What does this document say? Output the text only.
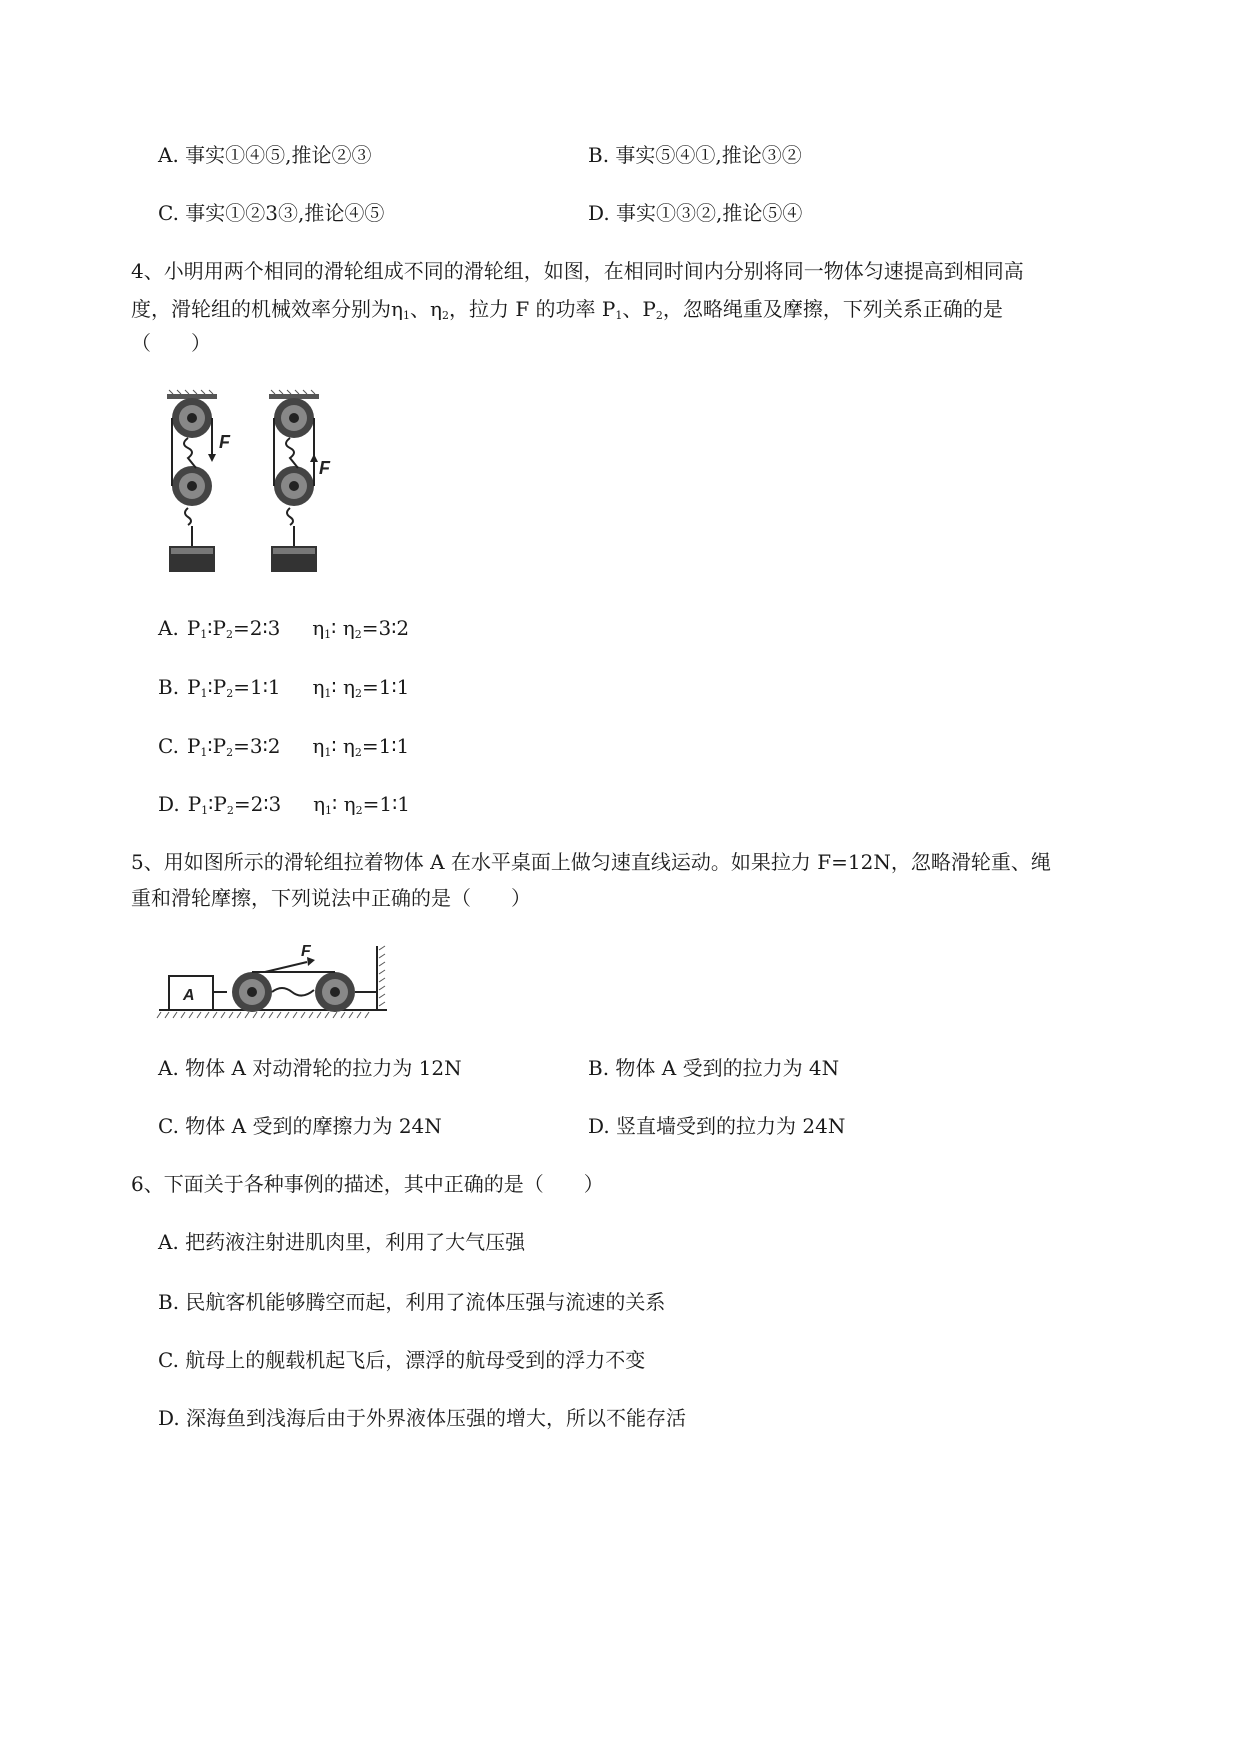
A. 事实①④⑤,推论②③	B. 事实⑤④①,推论③②
C. 事实①②3③,推论④⑤	D. 事实①③②,推论⑤④
4、小明用两个相同的滑轮组成不同的滑轮组，如图，在相同时间内分别将同一物体匀速提高到相同高
度，滑轮组的机械效率分别为$\eta_1$、$\eta_2$，拉力 F 的功率 $P_1$、$P_2$，忽略绳重及摩擦，下列关系正确的是
（　　）
F
F
A. $P_1∶P_2=2∶3$ $\eta_1∶$ $\eta_2=3∶2$
B. $P_1∶P_2=1∶1$ $\eta_1∶$ $\eta_2=1∶1$
C. $P_1∶P_2=3∶2$ $\eta_1∶$ $\eta_2=1∶1$
D. $P_1∶P_2=2∶3$ $\eta_1∶$ $\eta_2=1∶1$
5、用如图所示的滑轮组拉着物体 A 在水平桌面上做匀速直线运动。如果拉力 F=12N，忽略滑轮重、绳
重和滑轮摩擦，下列说法中正确的是（　　）
A
F
A. 物体 A 对动滑轮的拉力为 12N	B. 物体 A 受到的拉力为 4N
C. 物体 A 受到的摩擦力为 24N	D. 竖直墙受到的拉力为 24N
6、下面关于各种事例的描述，其中正确的是（　　）
A. 把药液注射进肌肉里，利用了大气压强
B. 民航客机能够腾空而起，利用了流体压强与流速的关系
C. 航母上的舰载机起飞后，漂浮的航母受到的浮力不变
D. 深海鱼到浅海后由于外界液体压强的增大，所以不能存活
